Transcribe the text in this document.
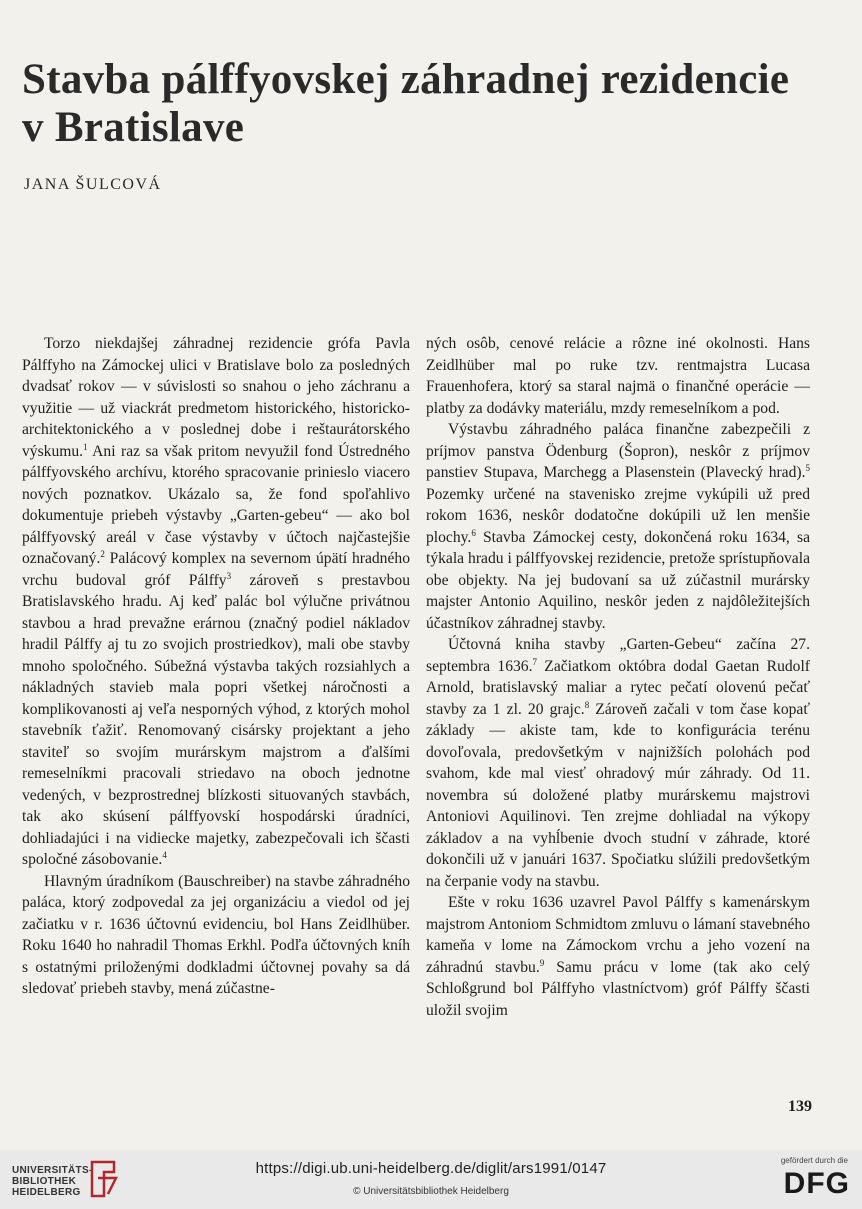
Stavba pálffyovskej záhradnej rezidencie
v Bratislave
JANA ŠULCOVÁ

Torzo niekdajšej záhradnej rezidencie grófa Pavla Pálffyho na Zámockej ulici v Bratislave bolo za posledných dvadsať rokov — v súvislosti so snahou o jeho záchranu a využitie — už viackrát predmetom historického, historicko-architektonického a v poslednej dobe i reštaurátorského výskumu.$^1$ Ani raz sa však pritom nevyužil fond Ústredného pálffyovského archívu, ktorého spracovanie prinieslo viacero nových poznatkov. Ukázalo sa, že fond spoľahlivo dokumentuje priebeh výstavby „Garten-gebeu“ — ako bol pálffyovský areál v čase výstavby v účtoch najčastejšie označovaný.$^2$ Palácový komplex na severnom úpätí hradného vrchu budoval gróf Pálffy$^3$ zároveň s prestavbou Bratislavského hradu. Aj keď palác bol výlučne privátnou stavbou a hrad prevažne erárnou (značný podiel nákladov hradil Pálffy aj tu zo svojich prostriedkov), mali obe stavby mnoho spoločného. Súbežná výstavba takých rozsiahlych a nákladných stavieb mala popri všetkej náročnosti a komplikovanosti aj veľa nesporných výhod, z ktorých mohol stavebník ťažiť. Renomovaný cisársky projektant a jeho staviteľ so svojím murárskym majstrom a ďalšími remeselníkmi pracovali striedavo na oboch jednotne vedených, v bezprostrednej blízkosti situovaných stavbách, tak ako skúsení pálffyovskí hospodárski úradníci, dohliadajúci i na vidiecke majetky, zabezpečovali ich ščasti spoločné zásobovanie.$^4$

Hlavným úradníkom (Bauschreiber) na stavbe záhradného paláca, ktorý zodpovedal za jej organizáciu a viedol od jej začiatku v r. 1636 účtovnú evidenciu, bol Hans Zeidlhüber. Roku 1640 ho nahradil Thomas Erkhl. Podľa účtovných kníh s ostatnými priloženými dodkladmi účtovnej povahy sa dá sledovať priebeh stavby, mená zúčastne-

ných osôb, cenové relácie a rôzne iné okolnosti. Hans Zeidlhüber mal po ruke tzv. rentmajstra Lucasa Frauenhofera, ktorý sa staral najmä o finančné operácie — platby za dodávky materiálu, mzdy remeselníkom a pod.

Výstavbu záhradného paláca finančne zabezpečili z príjmov panstva Ödenburg (Šopron), neskôr z príjmov panstiev Stupava, Marchegg a Plasenstein (Plavecký hrad).$^5$ Pozemky určené na stavenisko zrejme vykúpili už pred rokom 1636, neskôr dodatočne dokúpili už len menšie plochy.$^6$ Stavba Zámockej cesty, dokončená roku 1634, sa týkala hradu i pálffyovskej rezidencie, pretože sprístupňovala obe objekty. Na jej budovaní sa už zúčastnil murársky majster Antonio Aquilino, neskôr jeden z najdôležitejších účastníkov záhradnej stavby.

Účtovná kniha stavby „Garten-Gebeu“ začína 27. septembra 1636.$^7$ Začiatkom októbra dodal Gaetan Rudolf Arnold, bratislavský maliar a rytec pečatí olovenú pečať stavby za 1 zl. 20 grajc.$^8$ Zároveň začali v tom čase kopať základy — akiste tam, kde to konfigurácia terénu dovoľovala, predovšetkým v najnižších polohách pod svahom, kde mal viesť ohradový múr záhrady. Od 11. novembra sú doložené platby murárskemu majstrovi Antoniovi Aquilinovi. Ten zrejme dohliadal na výkopy základov a na vyhĺbenie dvoch studní v záhrade, ktoré dokončili už v januári 1637. Spočiatku slúžili predovšetkým na čerpanie vody na stavbu.

Ešte v roku 1636 uzavrel Pavol Pálffy s kamenárskym majstrom Antoniom Schmidtom zmluvu o lámaní stavebného kameňa v lome na Zámockom vrchu a jeho vození na záhradnú stavbu.$^9$ Samu prácu v lome (tak ako celý Schloßgrund bol Pálffyho vlastníctvom) gróf Pálffy ščasti uložil svojim

139
UNIVERSITÄTS-
BIBLIOTHEK
HEIDELBERG
https://digi.ub.uni-heidelberg.de/diglit/ars1991/0147
© Universitätsbibliothek Heidelberg
gefördert durch die
DFG
